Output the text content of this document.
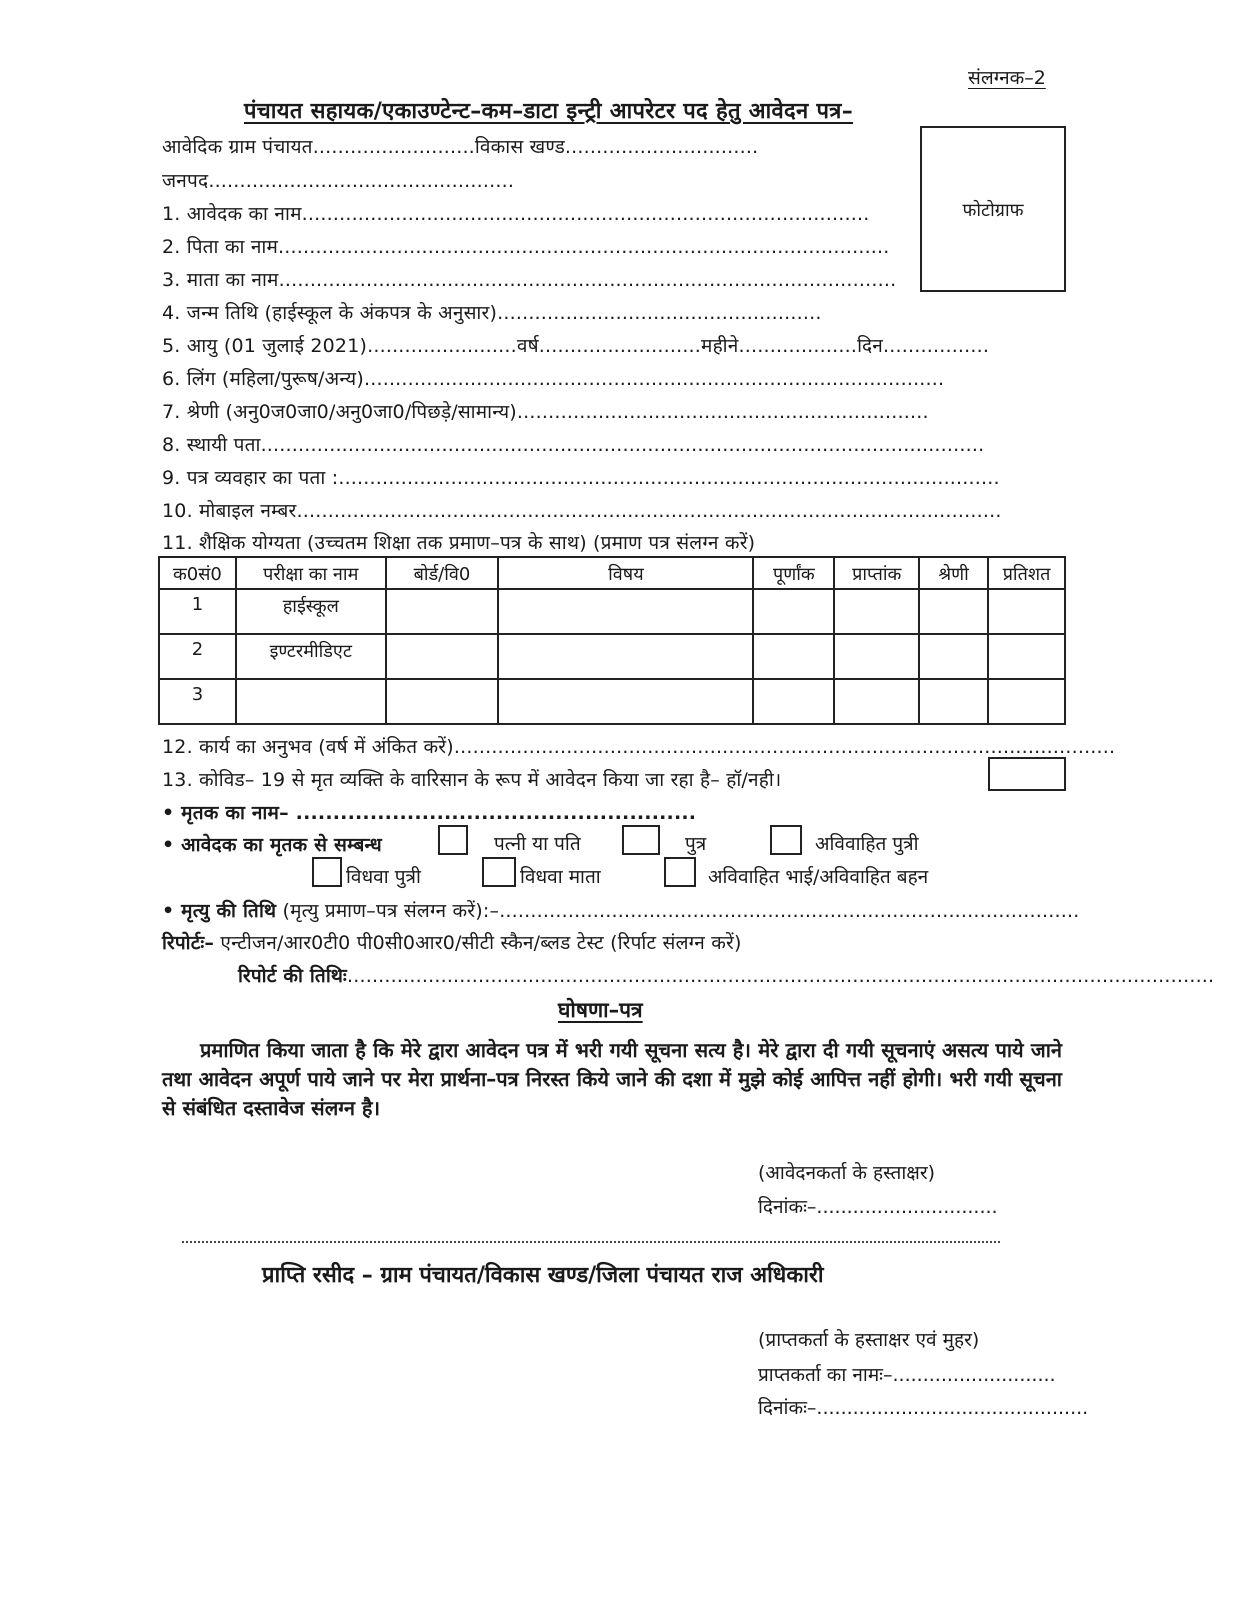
संलग्नक–2
पंचायत सहायक/एकाउण्टेन्ट–कम–डाटा इन्ट्री आपरेटर पद हेतु आवेदन पत्र–
फोटोग्राफ
आवेदिक ग्राम पंचायत..........................विकास खण्ड...............................
जनपद.................................................
1. आवेदक का नाम...........................................................................................
2. पिता का नाम..................................................................................................
3. माता का नाम...................................................................................................
4. जन्म तिथि (हाईस्कूल के अंकपत्र के अनुसार)....................................................
5. आयु (01 जुलाई 2021)........................वर्ष..........................महीने...................दिन.................
6. लिंग (महिला/पुरूष/अन्य).............................................................................................
7. श्रेणी (अनु0ज0जा0/अनु0जा0/पिछड़े/सामान्य)..................................................................
8. स्थायी पता....................................................................................................................
9. पत्र व्यवहार का पता :..........................................................................................................
10. मोबाइल नम्बर.................................................................................................................
11. शैक्षिक योग्यता (उच्चतम शिक्षा तक प्रमाण–पत्र के साथ) (प्रमाण पत्र संलग्न करें)
क0सं0	परीक्षा का नाम	बोर्ड/वि0	विषय	पूर्णांक	प्राप्तांक	श्रेणी	प्रतिशत
1	हाईस्कूल						
2	इण्टरमीडिएट						
3							
12. कार्य का अनुभव (वर्ष में अंकित करें)..........................................................................................................
13. कोविड– 19 से मृत व्यक्ति के वारिसान के रूप में आवेदन किया जा रहा है– हॉ/नही।
• मृतक का नाम– ......................................................
• आवेदक का मृतक से सम्बन्ध	पत्नी या पति	पुत्र	अविवाहित पुत्री
विधवा पुत्री	विधवा माता	अविवाहित भाई/अविवाहित बहन
• मृत्यु की तिथि (मृत्यु प्रमाण–पत्र संलग्न करें):–.............................................................................................
रिपोर्टः– एन्टीजन/आर0टी0 पी0सी0आर0/सीटी स्कैन/ब्लड टेस्ट (रिर्पाट संलग्न करें)
रिपोर्ट की तिथिः...........................................................................................................................................
घोषणा–पत्र
प्रमाणित किया जाता है कि मेरे द्वारा आवेदन पत्र में भरी गयी सूचना सत्य है। मेरे द्वारा दी गयी सूचनाएं असत्य पाये जाने तथा आवेदन अपूर्ण पाये जाने पर मेरा प्रार्थना–पत्र निरस्त किये जाने की दशा में मुझे कोई आपित्त नहीं होगी। भरी गयी सूचना से संबंधित दस्तावेज संलग्न है।
(आवेदनकर्ता के हस्ताक्षर)
दिनांकः–..............................
प्राप्ति रसीद – ग्राम पंचायत/विकास खण्ड/जिला पंचायत राज अधिकारी
(प्राप्तकर्ता के हस्ताक्षर एवं मुहर)
प्राप्तकर्ता का नामः–...........................
दिनांकः–.............................................
